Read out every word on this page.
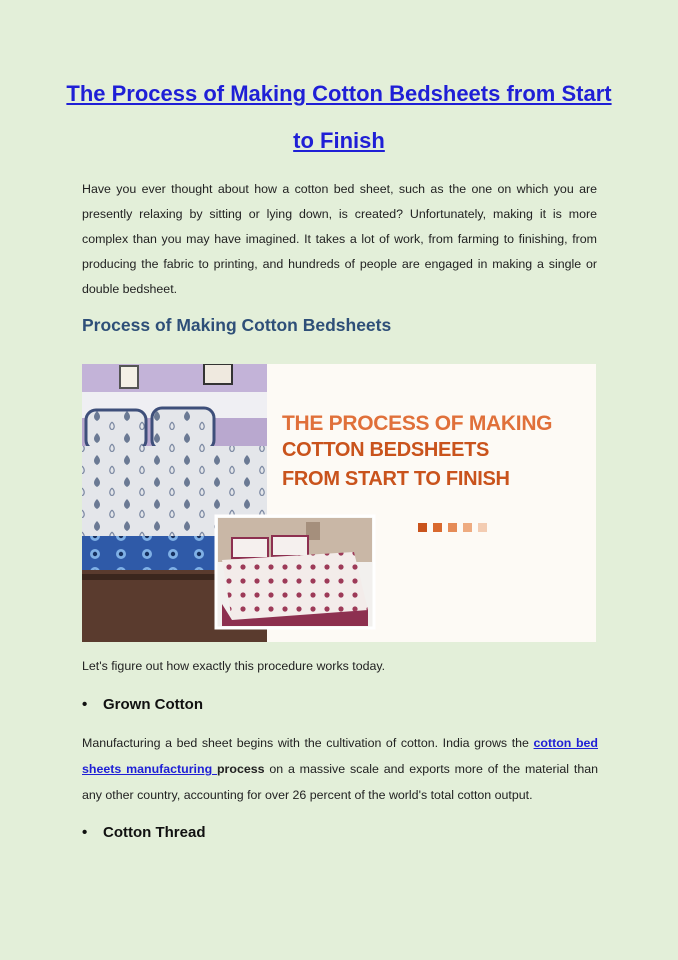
The Process of Making Cotton Bedsheets from Start to Finish

Have you ever thought about how a cotton bed sheet, such as the one on which you are presently relaxing by sitting or lying down, is created? Unfortunately, making it is more complex than you may have imagined. It takes a lot of work, from farming to finishing, from producing the fabric to printing, and hundreds of people are engaged in making a single or double bedsheet.

Process of Making Cotton Bedsheets
THE PROCESS OF MAKING
COTTON BEDSHEETS
FROM START TO FINISH

Let's figure out how exactly this procedure works today.

• Grown Cotton

Manufacturing a bed sheet begins with the cultivation of cotton. India grows the cotton bed sheets manufacturing process on a massive scale and exports more of the material than any other country, accounting for over 26 percent of the world's total cotton output.

• Cotton Thread
